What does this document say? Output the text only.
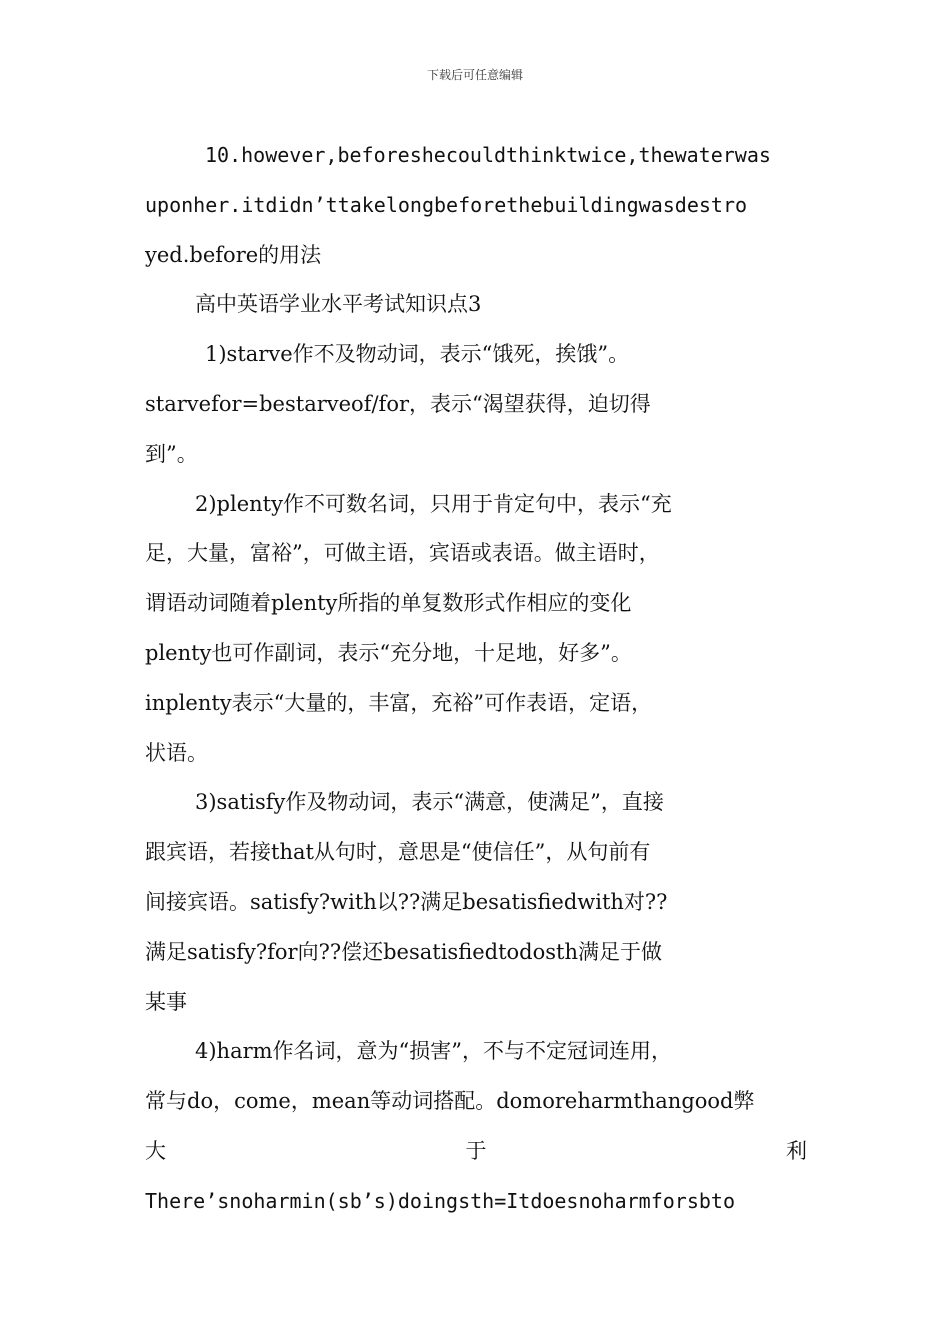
下载后可任意编辑
10.however,beforeshecouldthinktwice,thewaterwas
uponher.itdidn’ttakelongbeforethebuildingwasdestro
yed.before的用法
高中英语学业水平考试知识点3
1)starve作不及物动词，表示“饿死，挨饿”。
starvefor=bestarveof/for，表示“渴望获得，迫切得
到”。
2)plenty作不可数名词，只用于肯定句中，表示“充
足，大量，富裕”，可做主语，宾语或表语。做主语时，
谓语动词随着plenty所指的单复数形式作相应的变化
plenty也可作副词，表示“充分地，十足地，好多”。
inplenty表示“大量的，丰富，充裕”可作表语，定语，
状语。
3)satisfy作及物动词，表示“满意，使满足”，直接
跟宾语，若接that从句时，意思是“使信任”，从句前有
间接宾语。satisfy?with以??满足besatisfiedwith对??
满足satisfy?for向??偿还besatisfiedtodosth满足于做
某事
4)harm作名词，意为“损害”，不与不定冠词连用，
常与do，come，mean等动词搭配。domoreharmthangood弊
大	于	利
There’snoharmin(sb’s)doingsth=Itdoesnoharmforsbto
